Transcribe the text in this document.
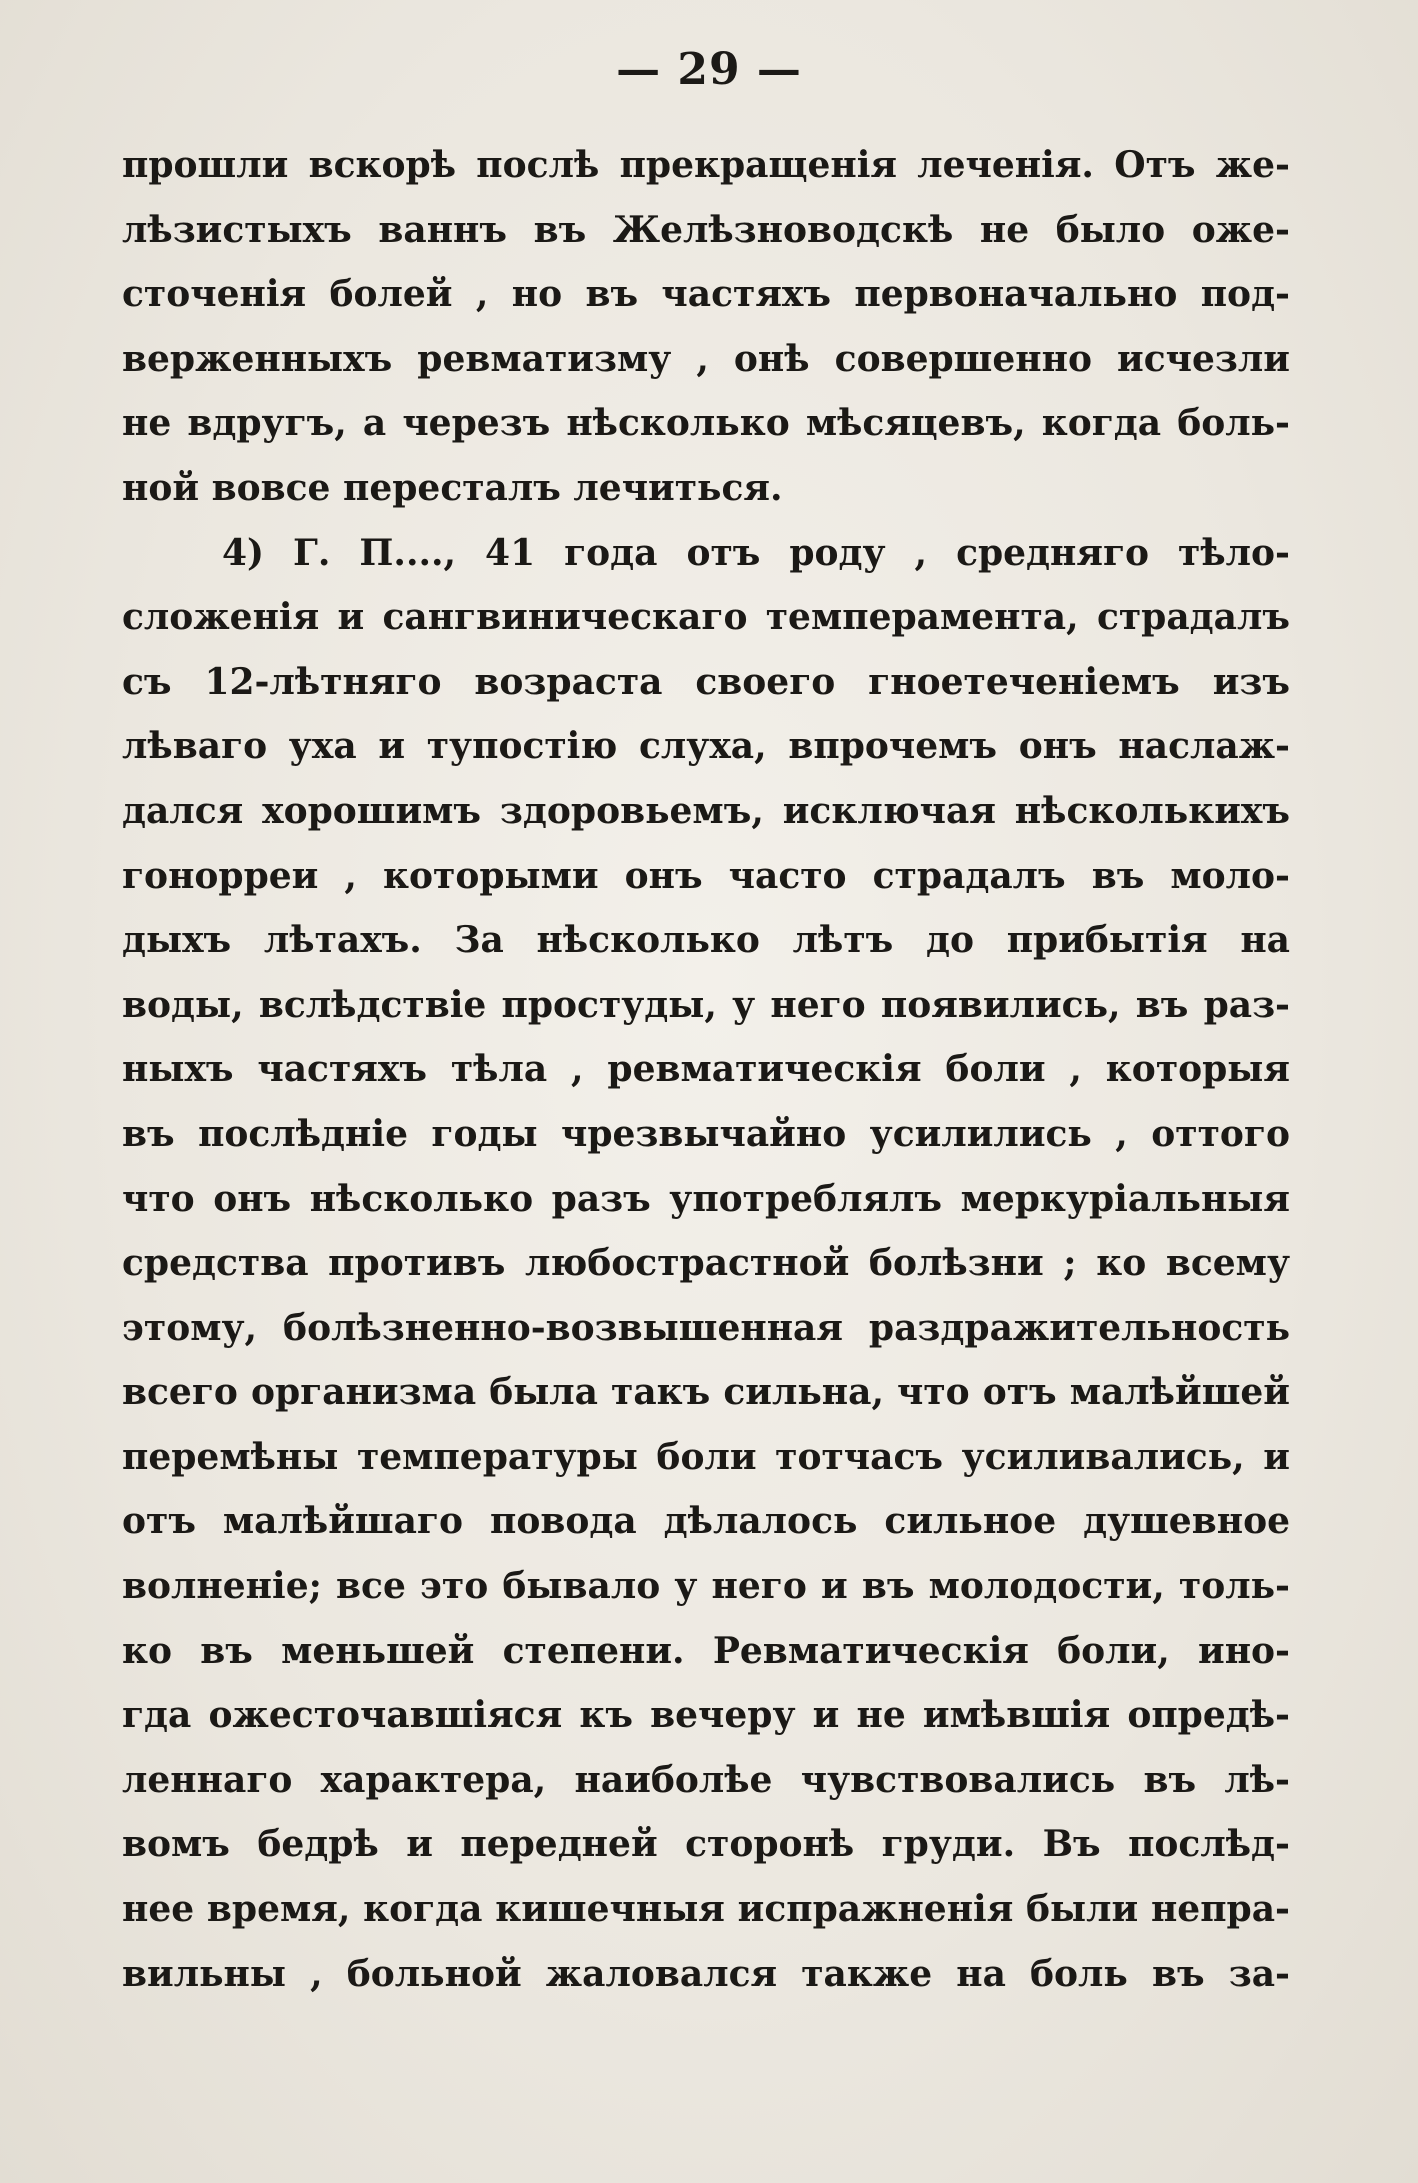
— 29 —
прошли вскорѣ послѣ прекращенія леченія. Отъ же-
лѣзистыхъ ваннъ въ Желѣзноводскѣ не было оже-
сточенія болей , но въ частяхъ первоначально под-
верженныхъ ревматизму , онѣ совершенно исчезли
не вдругъ, а черезъ нѣсколько мѣсяцевъ, когда боль-
ной вовсе пересталъ лечиться.
4) Г. П...., 41 года отъ роду , средняго тѣло-
сложенія и сангвиническаго темперамента, страдалъ
съ 12-лѣтняго возраста своего гноетеченіемъ изъ
лѣваго уха и тупостію слуха, впрочемъ онъ наслаж-
дался хорошимъ здоровьемъ, исключая нѣсколькихъ
гонорреи , которыми онъ часто страдалъ въ моло-
дыхъ лѣтахъ. За нѣсколько лѣтъ до прибытія на
воды, вслѣдствіе простуды, у него появились, въ раз-
ныхъ частяхъ тѣла , ревматическія боли , которыя
въ послѣдніе годы чрезвычайно усилились , оттого
что онъ нѣсколько разъ употреблялъ меркуріальныя
средства противъ любострастной болѣзни ; ко всему
этому, болѣзненно-возвышенная раздражительность
всего организма была такъ сильна, что отъ малѣйшей
перемѣны температуры боли тотчасъ усиливались, и
отъ малѣйшаго повода дѣлалось сильное душевное
волненіе; все это бывало у него и въ молодости, толь-
ко въ меньшей степени. Ревматическія боли, ино-
гда ожесточавшіяся къ вечеру и не имѣвшія опредѣ-
леннаго характера, наиболѣе чувствовались въ лѣ-
вомъ бедрѣ и передней сторонѣ груди. Въ послѣд-
нее время, когда кишечныя испражненія были непра-
вильны , больной жаловался также на боль въ за-
